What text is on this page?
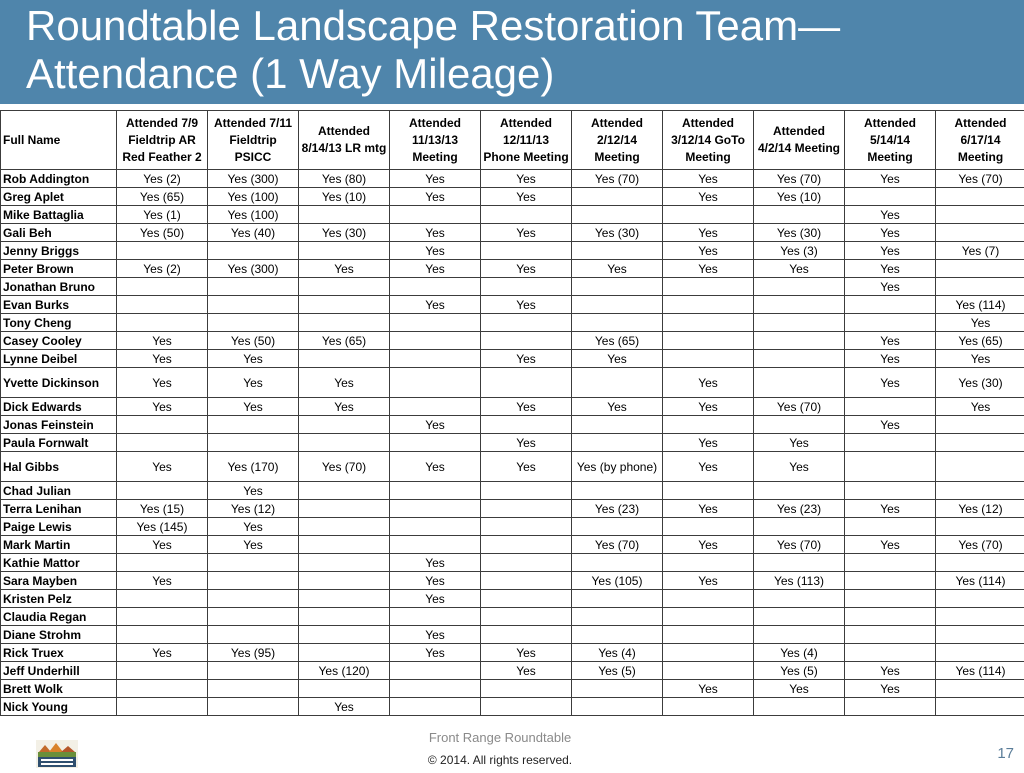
Roundtable Landscape Restoration Team—Attendance (1 Way Mileage)
Full Name	Attended 7/9 Fieldtrip AR Red Feather 2	Attended 7/11 Fieldtrip PSICC	Attended 8/14/13 LR mtg	Attended 11/13/13 Meeting	Attended 12/11/13 Phone Meeting	Attended 2/12/14 Meeting	Attended 3/12/14 GoTo Meeting	Attended 4/2/14 Meeting	Attended 5/14/14 Meeting	Attended 6/17/14 Meeting
Rob Addington	Yes (2)	Yes (300)	Yes (80)	Yes	Yes	Yes (70)	Yes	Yes (70)	Yes	Yes (70)
Greg Aplet	Yes (65)	Yes (100)	Yes (10)	Yes	Yes		Yes	Yes (10)		
Mike Battaglia	Yes (1)	Yes (100)							Yes	
Gali Beh	Yes (50)	Yes (40)	Yes (30)	Yes	Yes	Yes (30)	Yes	Yes (30)	Yes	
Jenny Briggs				Yes			Yes	Yes (3)	Yes	Yes (7)
Peter Brown	Yes (2)	Yes (300)	Yes	Yes	Yes	Yes	Yes	Yes	Yes	
Jonathan Bruno									Yes	
Evan Burks				Yes	Yes					Yes (114)
Tony Cheng										Yes
Casey Cooley	Yes	Yes (50)	Yes (65)			Yes (65)			Yes	Yes (65)
Lynne Deibel	Yes	Yes			Yes	Yes			Yes	Yes
Yvette Dickinson	Yes	Yes	Yes				Yes		Yes	Yes (30)
Dick Edwards	Yes	Yes	Yes		Yes	Yes	Yes	Yes (70)		Yes
Jonas Feinstein				Yes					Yes	
Paula Fornwalt					Yes		Yes	Yes		
Hal Gibbs	Yes	Yes (170)	Yes (70)	Yes	Yes	Yes (by phone)	Yes	Yes		
Chad Julian		Yes								
Terra Lenihan	Yes (15)	Yes (12)				Yes (23)	Yes	Yes (23)	Yes	Yes (12)
Paige Lewis	Yes (145)	Yes								
Mark Martin	Yes	Yes				Yes (70)	Yes	Yes (70)	Yes	Yes (70)
Kathie Mattor				Yes						
Sara Mayben	Yes			Yes		Yes (105)	Yes	Yes (113)		Yes (114)
Kristen Pelz				Yes						
Claudia Regan										
Diane Strohm				Yes						
Rick Truex	Yes	Yes (95)		Yes	Yes	Yes (4)		Yes (4)		
Jeff Underhill			Yes (120)		Yes	Yes (5)		Yes (5)	Yes	Yes (114)
Brett Wolk							Yes	Yes	Yes	
Nick Young			Yes							
Front Range Roundtable
© 2014. All rights reserved.	17
